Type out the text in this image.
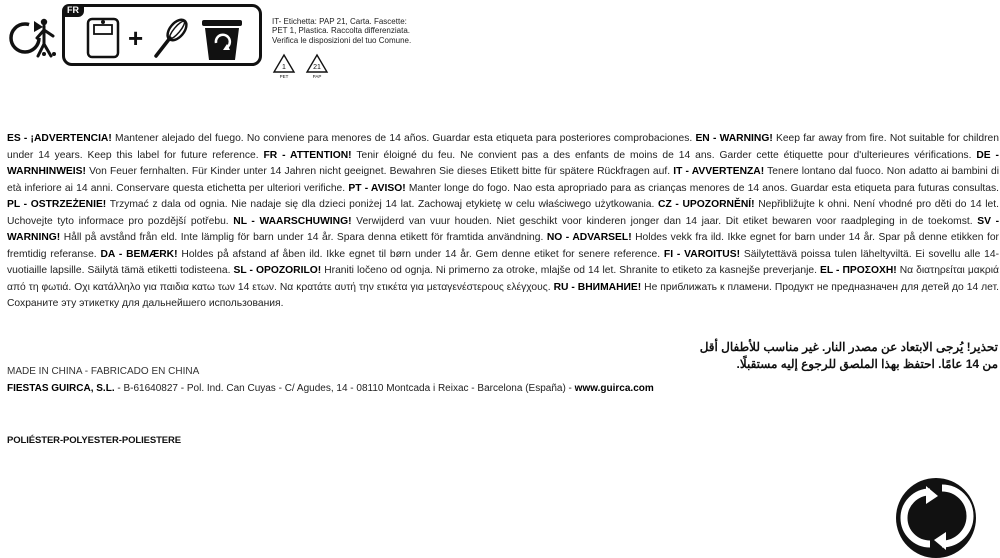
FR
+
IT- Etichetta: PAP 21, Carta. Fascette:
PET 1, Plastica. Raccolta differenziata.
Verifica le disposizioni del tuo Comune.
1
PET
21
PAP
ES - ¡ADVERTENCIA! Mantener alejado del fuego. No conviene para menores de 14 años. Guardar esta etiqueta para posteriores comprobaciones. EN - WARNING! Keep far away from fire. Not suitable for children under 14 years. Keep this label for future reference. FR - ATTENTION! Tenir éloigné du feu. Ne convient pas a des enfants de moins de 14 ans. Garder cette étiquette pour d'ulterieures vérifications. DE - WARNHINWEIS! Von Feuer fernhalten. Für Kinder unter 14 Jahren nicht geeignet. Bewahren Sie dieses Etikett bitte für spätere Rückfragen auf. IT - AVVERTENZA! Tenere lontano dal fuoco. Non adatto ai bambini di età inferiore ai 14 anni. Conservare questa etichetta per ulteriori verifiche. PT - AVISO! Manter longe do fogo. Nao esta apropriado para as crianças menores de 14 anos. Guardar esta etiqueta para futuras consultas. PL - OSTRZEŻENIE! Trzymać z dala od ognia. Nie nadaje się dla dzieci poniżej 14 lat. Zachowaj etykietę w celu właściwego użytkowania. CZ - UPOZORNĚNÍ! Nepřibližujte k ohni. Není vhodné pro děti do 14 let. Uchovejte tyto informace pro pozdější potřebu. NL - WAARSCHUWING! Verwijderd van vuur houden. Niet geschikt voor kinderen jonger dan 14 jaar. Dit etiket bewaren voor raadpleging in de toekomst. SV - WARNING! Håll på avstånd från eld. Inte lämplig för barn under 14 år. Spara denna etikett för framtida användning. NO - ADVARSEL! Holdes vekk fra ild. Ikke egnet for barn under 14 år. Spar på denne etikken for fremtidig referanse. DA - BEMÆRK! Holdes på afstand af åben ild. Ikke egnet til børn under 14 år. Gem denne etiket for senere reference. FI - VAROITUS! Säilytettävä poissa tulen läheltyviltä. Ei sovellu alle 14-vuotiaille lapsille. Säilytä tämä etiketti todisteena. SL - OPOZORILO! Hraniti ločeno od ognja. Ni primerno za otroke, mlajše od 14 let. Shranite to etiketo za kasnejše preverjanje. EL - ΠΡΟΣΟΧΗ! Να διατηρείται μακριά από τη φωτιά. Οχι κατάλληλο για παιδια κατω των 14 ετων. Να κρατάτε αυτή την ετικέτα για μεταγενέστερους ελέγχους. RU - ВНИМАНИЕ! Не приближать к пламени. Продукт не предназначен для детей до 14 лет. Сохраните эту этикетку для дальнейшего использования.
تحذير! يُرجى الابتعاد عن مصدر النار. غير مناسب للأطفال أقل
من 14 عامًا. احتفظ بهذا الملصق للرجوع إليه مستقبلًا.
MADE IN CHINA - FABRICADO EN CHINA
FIESTAS GUIRCA, S.L. - B-61640827 - Pol. Ind. Can Cuyas - C/ Agudes, 14 - 08110 Montcada i Reixac - Barcelona (España) - www.guirca.com
POLIÉSTER-POLYESTER-POLIESTERE
